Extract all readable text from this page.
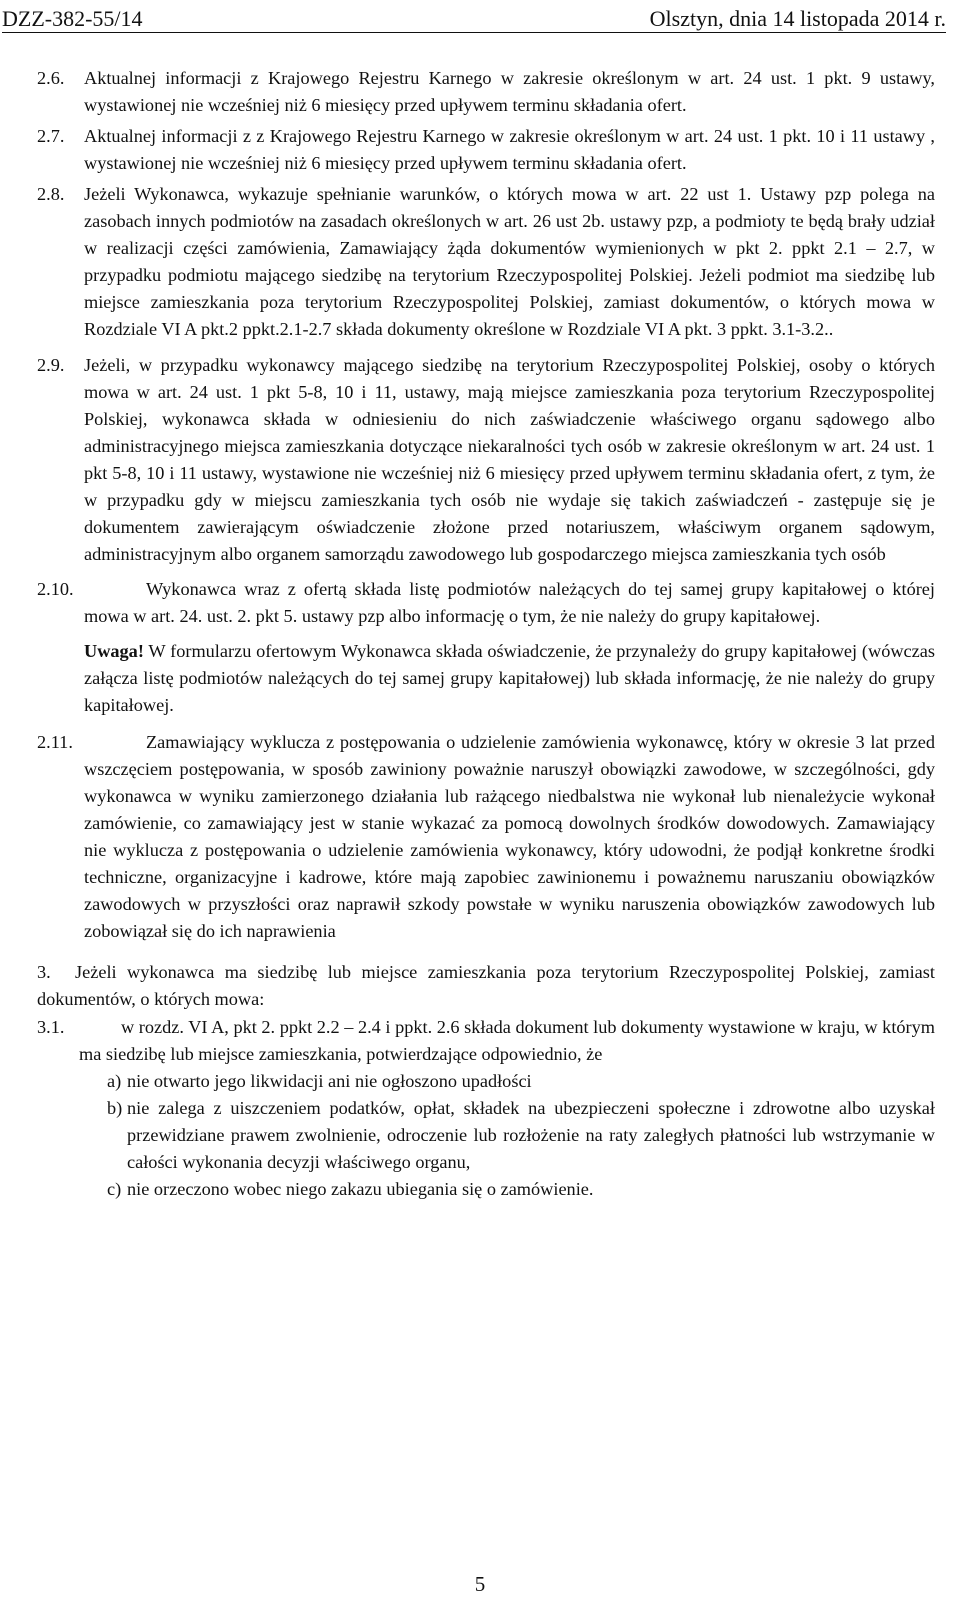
DZZ-382-55/14	Olsztyn, dnia 14 listopada 2014 r.
2.6. Aktualnej informacji z Krajowego Rejestru Karnego w zakresie określonym w art. 24 ust. 1 pkt. 9 ustawy, wystawionej nie wcześniej niż 6 miesięcy przed upływem terminu składania ofert.
2.7. Aktualnej informacji z z Krajowego Rejestru Karnego w zakresie określonym w art. 24 ust. 1 pkt. 10 i 11 ustawy , wystawionej nie wcześniej niż 6 miesięcy przed upływem terminu składania ofert.
2.8. Jeżeli Wykonawca, wykazuje spełnianie warunków, o których mowa w art. 22 ust 1. Ustawy pzp polega na zasobach innych podmiotów na zasadach określonych w art. 26 ust 2b. ustawy pzp, a podmioty te będą brały udział w realizacji części zamówienia, Zamawiający żąda dokumentów wymienionych w pkt 2. ppkt 2.1 – 2.7, w przypadku podmiotu mającego siedzibę na terytorium Rzeczypospolitej Polskiej. Jeżeli podmiot ma siedzibę lub miejsce zamieszkania poza terytorium Rzeczypospolitej Polskiej, zamiast dokumentów, o których mowa w Rozdziale VI A pkt.2 ppkt.2.1-2.7 składa dokumenty określone w Rozdziale VI A pkt. 3 ppkt. 3.1-3.2..
2.9. Jeżeli, w przypadku wykonawcy mającego siedzibę na terytorium Rzeczypospolitej Polskiej, osoby o których mowa w art. 24 ust. 1 pkt 5-8, 10 i 11, ustawy, mają miejsce zamieszkania poza terytorium Rzeczypospolitej Polskiej, wykonawca składa w odniesieniu do nich zaświadczenie właściwego organu sądowego albo administracyjnego miejsca zamieszkania dotyczące niekaralności tych osób w zakresie określonym w art. 24 ust. 1 pkt 5-8, 10 i 11 ustawy, wystawione nie wcześniej niż 6 miesięcy przed upływem terminu składania ofert, z tym, że w przypadku gdy w miejscu zamieszkania tych osób nie wydaje się takich zaświadczeń - zastępuje się je dokumentem zawierającym oświadczenie złożone przed notariuszem, właściwym organem sądowym, administracyjnym albo organem samorządu zawodowego lub gospodarczego miejsca zamieszkania tych osób
2.10.	Wykonawca wraz z ofertą składa listę podmiotów należących do tej samej grupy kapitałowej o której mowa w art. 24. ust. 2. pkt 5. ustawy pzp albo informację o tym, że nie należy do grupy kapitałowej.
Uwaga! W formularzu ofertowym Wykonawca składa oświadczenie, że przynależy do grupy kapitałowej (wówczas załącza listę podmiotów należących do tej samej grupy kapitałowej) lub składa informację, że nie należy do grupy kapitałowej.
2.11.	Zamawiający wyklucza z postępowania o udzielenie zamówienia wykonawcę, który w okresie 3 lat przed wszczęciem postępowania, w sposób zawiniony poważnie naruszył obowiązki zawodowe, w szczególności, gdy wykonawca w wyniku zamierzonego działania lub rażącego niedbalstwa nie wykonał lub nienależycie wykonał zamówienie, co zamawiający jest w stanie wykazać za pomocą dowolnych środków dowodowych. Zamawiający nie wyklucza z postępowania o udzielenie zamówienia wykonawcy, który udowodni, że podjął konkretne środki techniczne, organizacyjne i kadrowe, które mają zapobiec zawinionemu i poważnemu naruszaniu obowiązków zawodowych w przyszłości oraz naprawił szkody powstałe w wyniku naruszenia obowiązków zawodowych lub zobowiązał się do ich naprawienia
3.	Jeżeli wykonawca ma siedzibę lub miejsce zamieszkania poza terytorium Rzeczypospolitej Polskiej, zamiast dokumentów, o których mowa:
3.1.	w rozdz. VI A, pkt 2. ppkt 2.2 – 2.4 i ppkt. 2.6 składa dokument lub dokumenty wystawione w kraju, w którym ma siedzibę lub miejsce zamieszkania, potwierdzające odpowiednio, że
a) nie otwarto jego likwidacji ani nie ogłoszono upadłości
b) nie zalega z uiszczeniem podatków, opłat, składek na ubezpieczeni społeczne i zdrowotne albo uzyskał przewidziane prawem zwolnienie, odroczenie lub rozłożenie na raty zaległych płatności lub wstrzymanie w całości wykonania decyzji właściwego organu,
c) nie orzeczono wobec niego zakazu ubiegania się o zamówienie.
5
